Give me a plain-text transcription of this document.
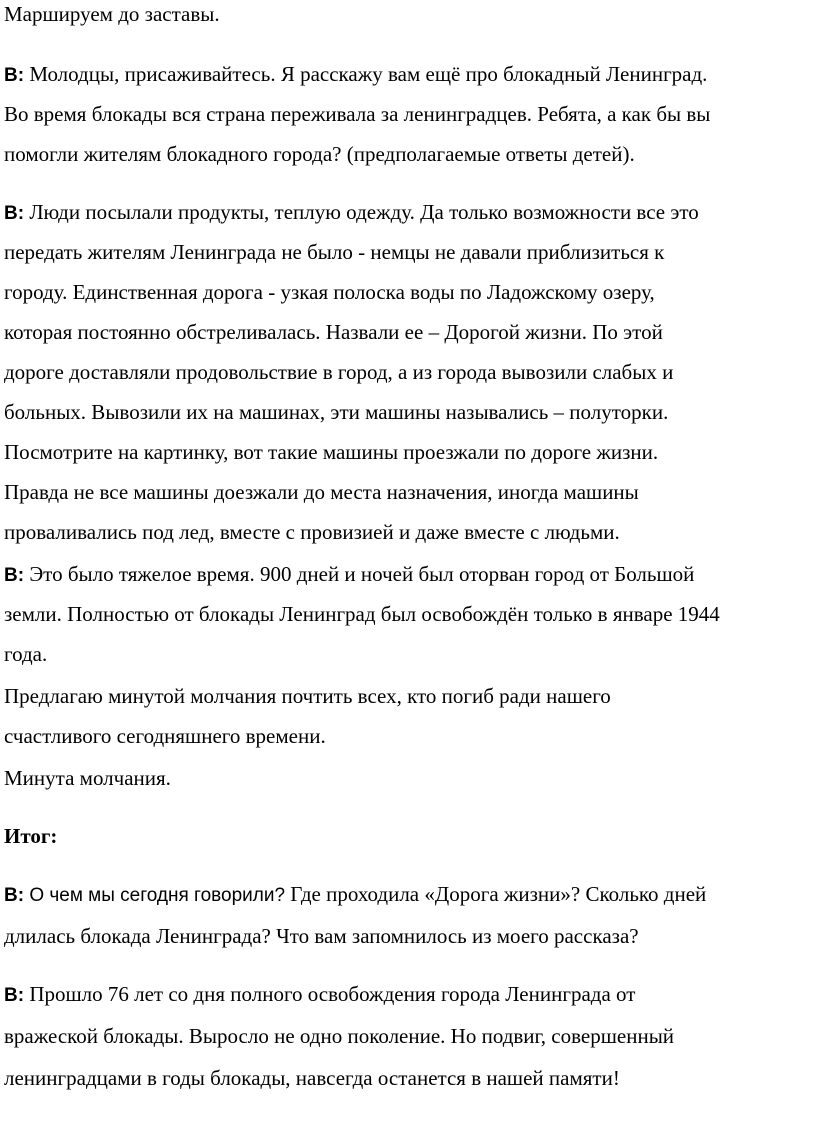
Маршируем до заставы.
В: Молодцы, присаживайтесь. Я расскажу вам ещё про блокадный Ленинград.
Во время блокады вся страна переживала за ленинградцев. Ребята, а как бы вы
помогли жителям блокадного города? (предполагаемые ответы детей).
В: Люди посылали продукты, теплую одежду. Да только возможности все это
передать жителям Ленинграда не было - немцы не давали приблизиться к
городу. Единственная дорога - узкая полоска воды по Ладожскому озеру,
которая постоянно обстреливалась. Назвали ее – Дорогой жизни. По этой
дороге доставляли продовольствие в город, а из города вывозили слабых и
больных. Вывозили их на машинах, эти машины назывались – полуторки.
Посмотрите на картинку, вот такие машины проезжали по дороге жизни.
Правда не все машины доезжали до места назначения, иногда машины
проваливались под лед, вместе с провизией и даже вместе с людьми.
В: Это было тяжелое время. 900 дней и ночей был оторван город от Большой
земли. Полностью от блокады Ленинград был освобождён только в январе 1944
года.
Предлагаю минутой молчания почтить всех, кто погиб ради нашего
счастливого сегодняшнего времени.
Минута молчания.
Итог:
В: О чем мы сегодня говорили? Где проходила «Дорога жизни»? Сколько дней
длилась блокада Ленинграда? Что вам запомнилось из моего рассказа?
В: Прошло 76 лет со дня полного освобождения города Ленинграда от
вражеской блокады. Выросло не одно поколение. Но подвиг, совершенный
ленинградцами в годы блокады, навсегда останется в нашей памяти!
